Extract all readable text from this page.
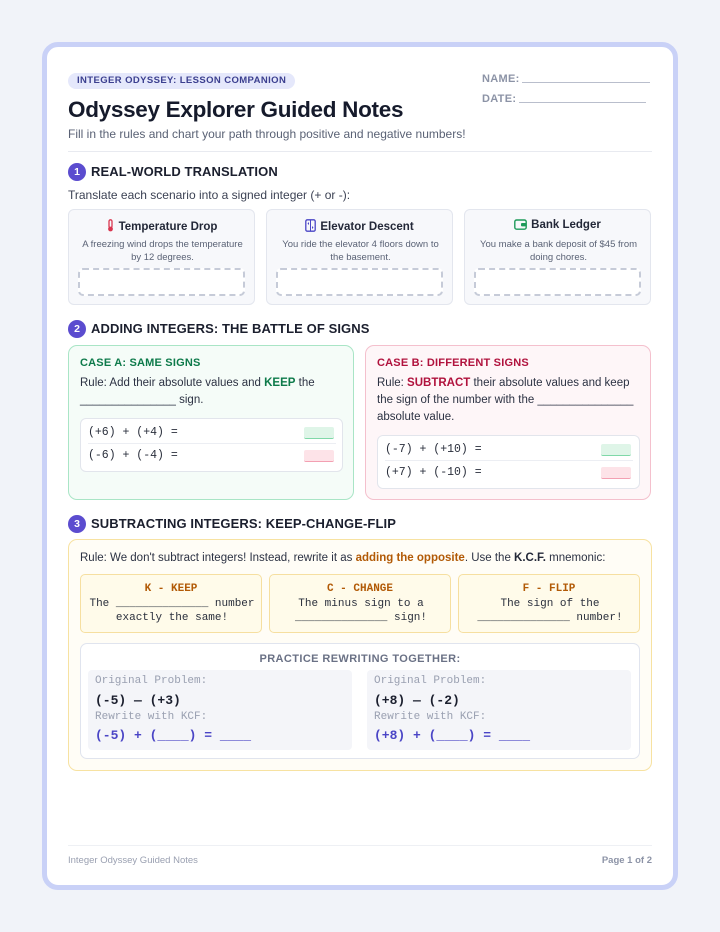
INTEGER ODYSSEY: LESSON COMPANION
Odyssey Explorer Guided Notes
Fill in the rules and chart your path through positive and negative numbers!
NAME:
DATE:
1 REAL-WORLD TRANSLATION
Translate each scenario into a signed integer (+ or -):
Temperature Drop
A freezing wind drops the temperature by 12 degrees.
Elevator Descent
You ride the elevator 4 floors down to the basement.
Bank Ledger
You make a bank deposit of $45 from doing chores.
2 ADDING INTEGERS: THE BATTLE OF SIGNS
CASE A: SAME SIGNS
Rule: Add their absolute values and KEEP the _______________ sign.
(+6) + (+4) =
(-6) + (-4) =
CASE B: DIFFERENT SIGNS
Rule: SUBTRACT their absolute values and keep the sign of the number with the _______________ absolute value.
(-7) + (+10) =
(+7) + (-10) =
3 SUBTRACTING INTEGERS: KEEP-CHANGE-FLIP
Rule: We don't subtract integers! Instead, rewrite it as adding the opposite. Use the K.C.F. mnemonic:
K - KEEP
The ______________ number exactly the same!
C - CHANGE
The minus sign to a ______________ sign!
F - FLIP
The sign of the ______________ number!
PRACTICE REWRITING TOGETHER:
Original Problem:
(-5) — (+3)
Rewrite with KCF:
(-5) + (____) = ____
Original Problem:
(+8) — (-2)
Rewrite with KCF:
(+8) + (____) = ____
Integer Odyssey Guided Notes	Page 1 of 2
